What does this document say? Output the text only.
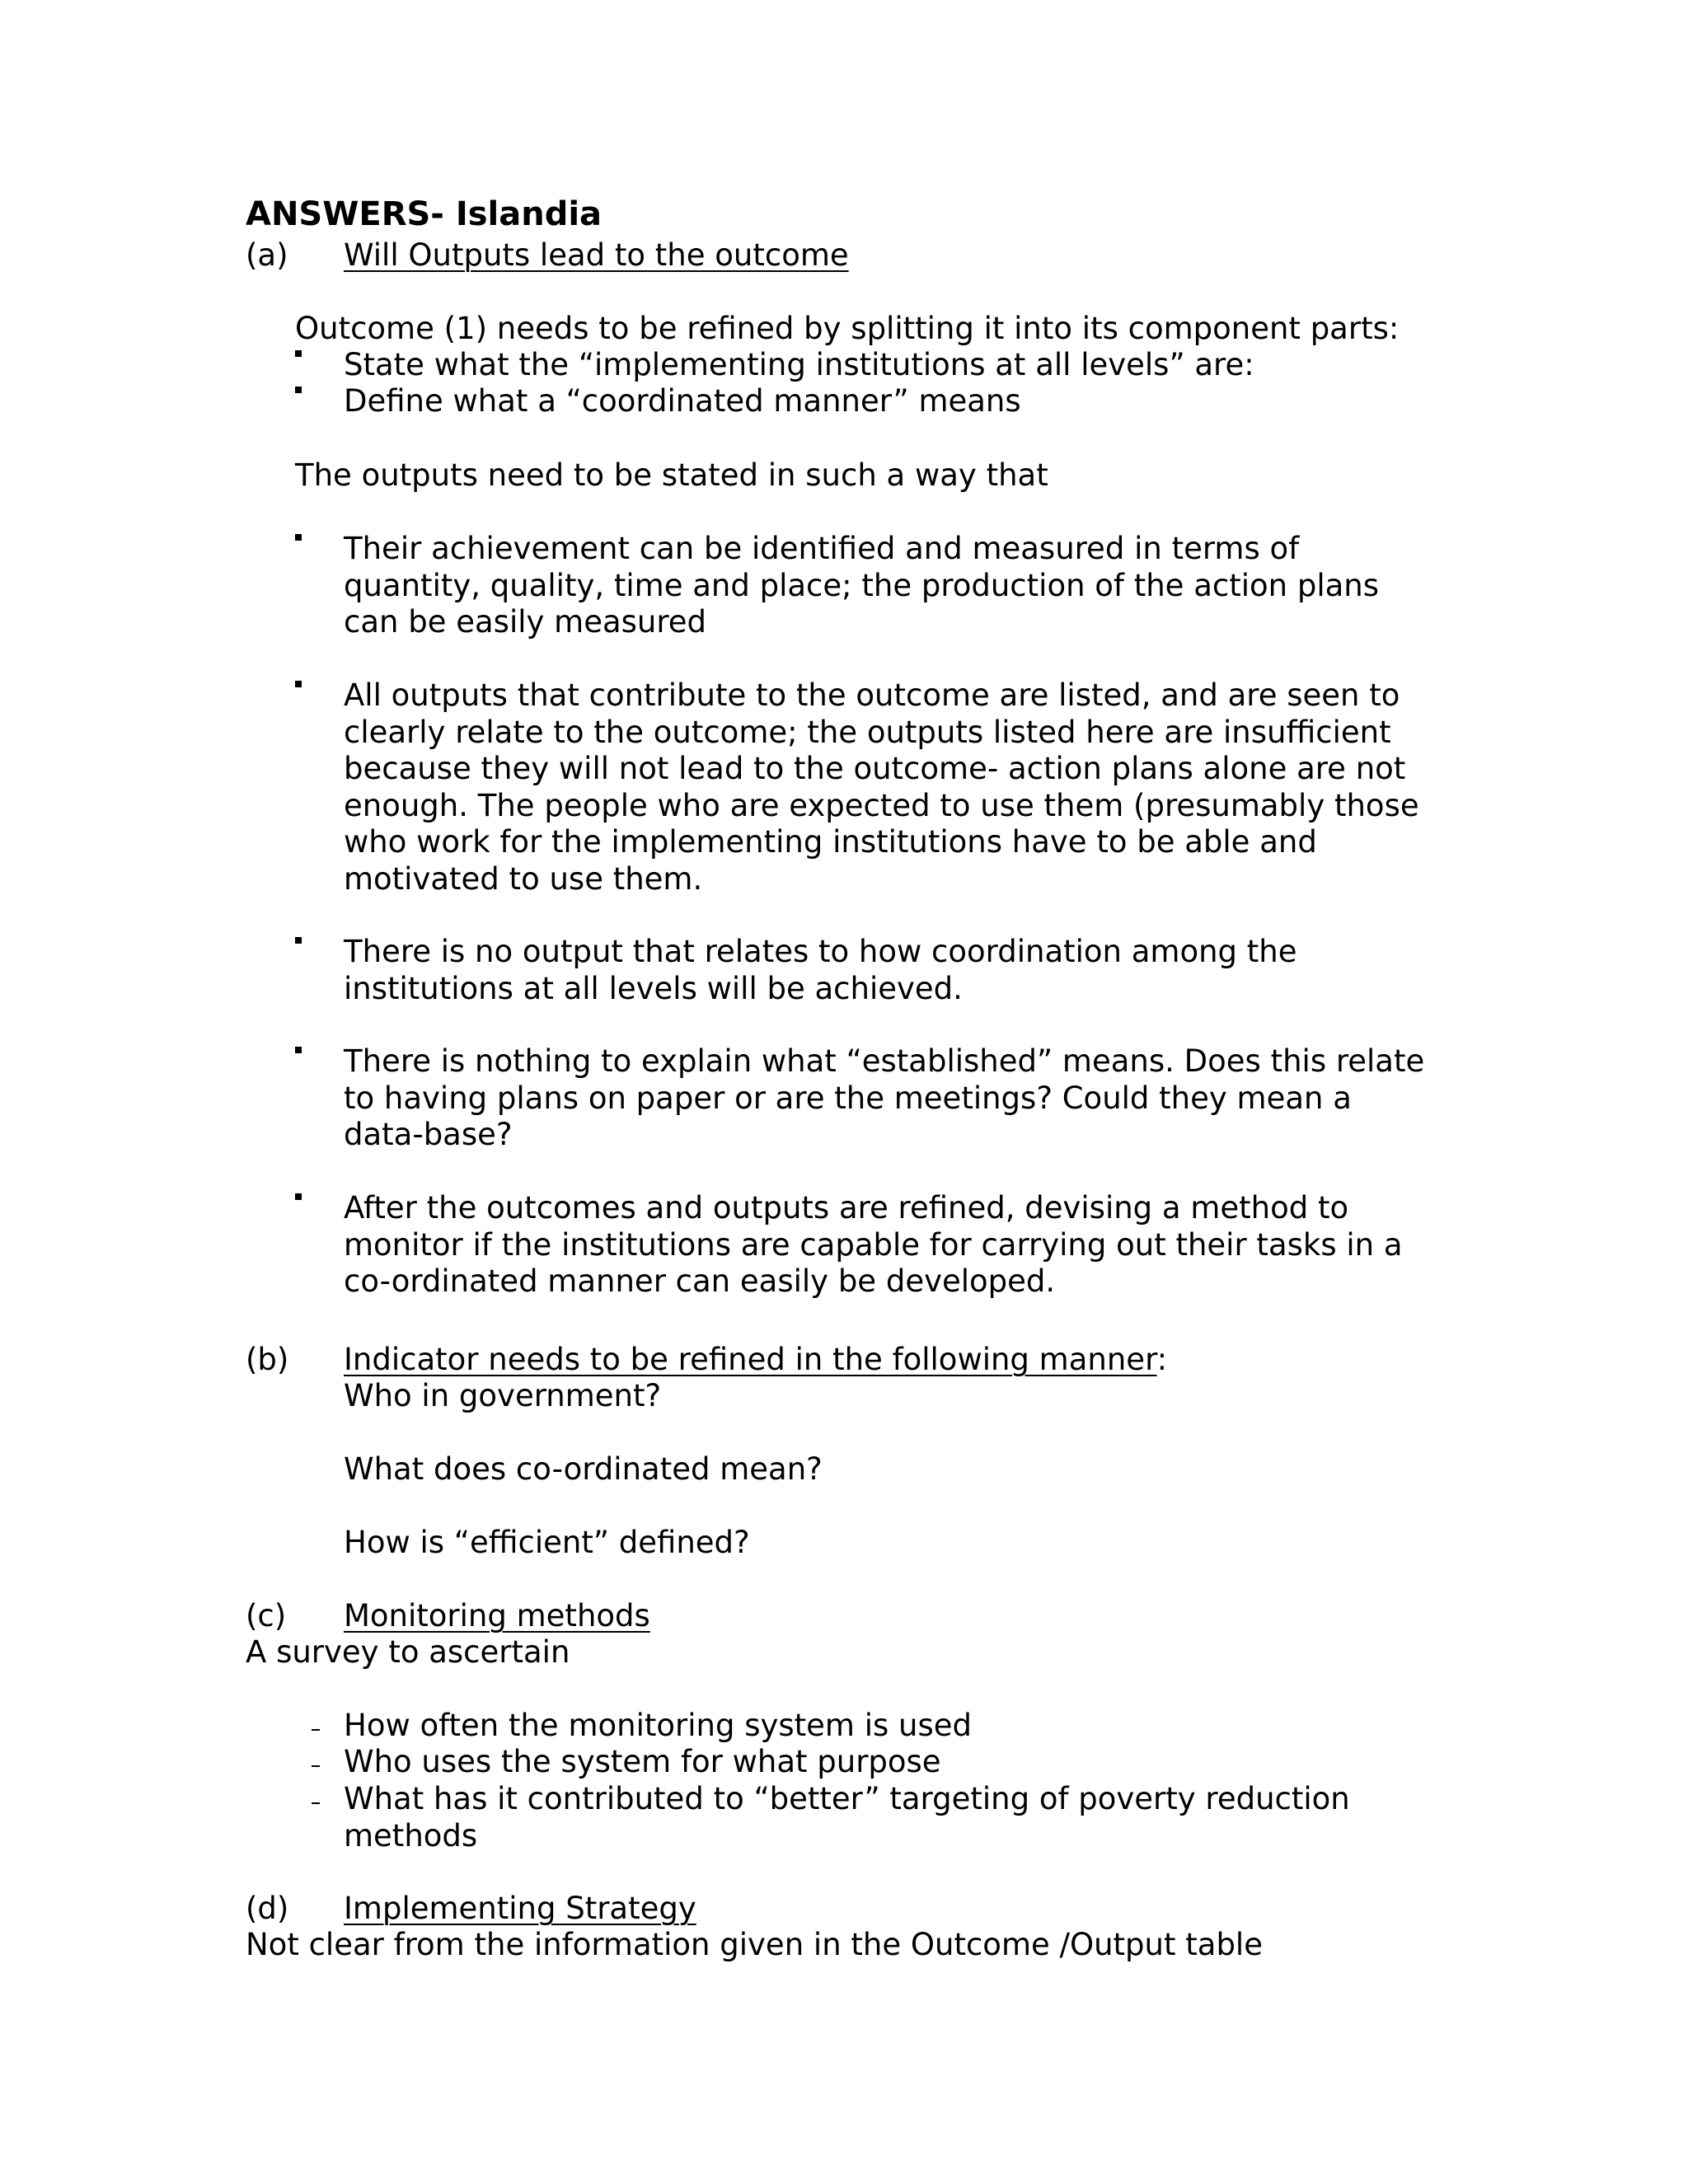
ANSWERS- Islandia
(a) Will Outputs lead to the outcome
Outcome (1) needs to be refined by splitting it into its component parts:
State what the “implementing institutions at all levels” are:
Define what a “coordinated manner” means
The outputs need to be stated in such a way that
Their achievement can be identified and measured in terms of
quantity, quality, time and place; the production of the action plans
can be easily measured
All outputs that contribute to the outcome are listed, and are seen to
clearly relate to the outcome; the outputs listed here are insufficient
because they will not lead to the outcome- action plans alone are not
enough. The people who are expected to use them (presumably those
who work for the implementing institutions have to be able and
motivated to use them.
There is no output that relates to how coordination among the
institutions at all levels will be achieved.
There is nothing to explain what “established” means. Does this relate
to having plans on paper or are the meetings? Could they mean a
data-base?
After the outcomes and outputs are refined, devising a method to
monitor if the institutions are capable for carrying out their tasks in a
co-ordinated manner can easily be developed.
(b) Indicator needs to be refined in the following manner:
Who in government?
What does co-ordinated mean?
How is “efficient” defined?
(c) Monitoring methods
A survey to ascertain
How often the monitoring system is used
Who uses the system for what purpose
What has it contributed to “better” targeting of poverty reduction
methods
(d) Implementing Strategy
Not clear from the information given in the Outcome /Output table
